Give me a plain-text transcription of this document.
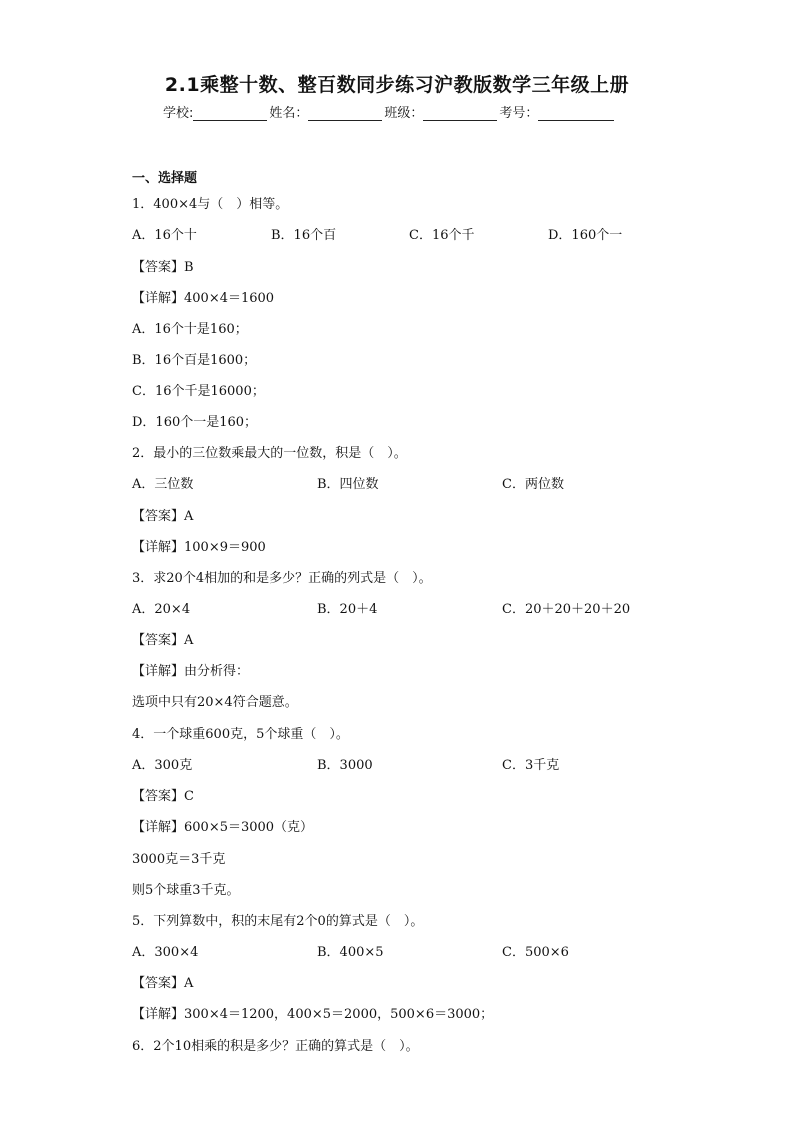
2.1乘整十数、整百数同步练习沪教版数学三年级上册
学校:	姓名：	班级：	考号：
一、选择题
1．400×4与（　）相等。
A．16个十	B．16个百	C．16个千	D．160个一
【答案】B
【详解】400×4＝1600
A．16个十是160；
B．16个百是1600；
C．16个千是16000；
D．160个一是160；
2．最小的三位数乘最大的一位数，积是（　）。
A．三位数	B．四位数	C．两位数
【答案】A
【详解】100×9＝900
3．求20个4相加的和是多少？正确的列式是（　）。
A．20×4	B．20＋4	C．20＋20＋20＋20
【答案】A
【详解】由分析得：
选项中只有20×4符合题意。
4．一个球重600克，5个球重（　）。
A．300克	B．3000	C．3千克
【答案】C
【详解】600×5＝3000（克）
3000克＝3千克
则5个球重3千克。
5．下列算数中，积的末尾有2个0的算式是（　）。
A．300×4	B．400×5	C．500×6
【答案】A
【详解】300×4＝1200，400×5＝2000，500×6＝3000；
6．2个10相乘的积是多少？正确的算式是（　）。
